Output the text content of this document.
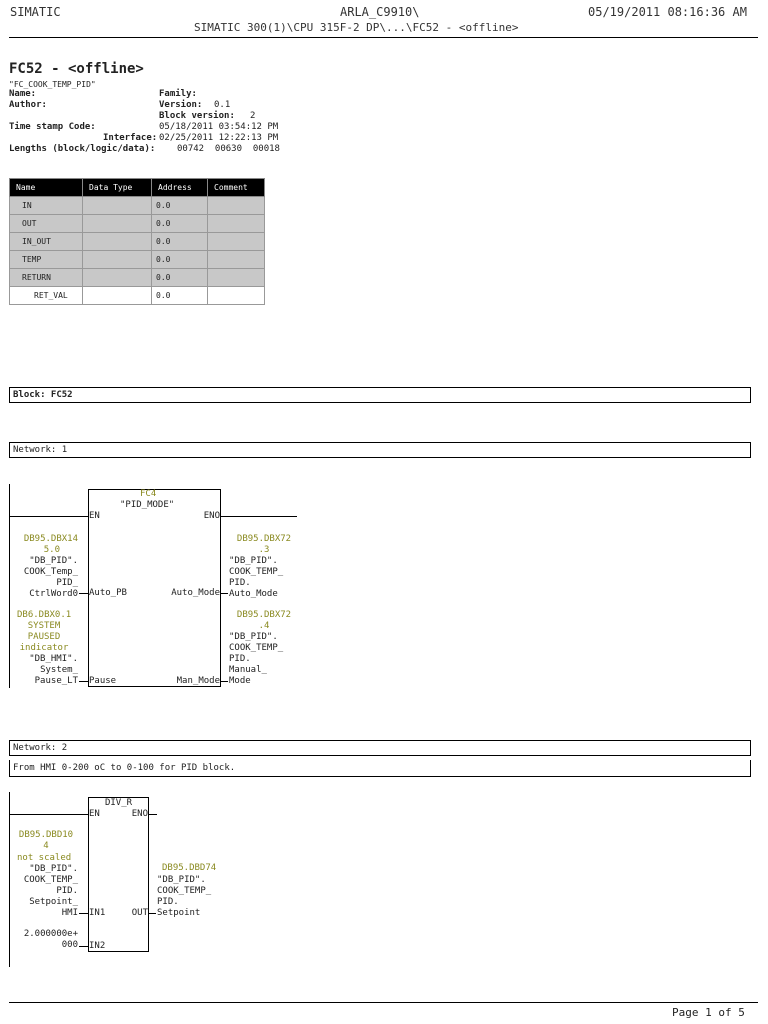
SIMATIC	ARLA_C9910\	05/19/2011 08:16:36 AM
SIMATIC 300(1)\CPU 315F-2 DP\...\FC52 - <offline>
FC52 - <offline>
"FC_COOK_TEMP_PID"
Name:	Family:
Author:	Version: 0.1
Block version: 2
Time stamp Code:	05/18/2011 03:54:12 PM
Interface: 02/25/2011 12:22:13 PM
Lengths (block/logic/data): 00742  00630  00018
Name	Data Type	Address	Comment
IN		0.0	
OUT		0.0	
IN_OUT		0.0	
TEMP		0.0	
RETURN		0.0	
RET_VAL		0.0	
Block: FC52
Network: 1
FC4
"PID_MODE"
EN	ENO
DB95.DBX14
5.0
"DB_PID".
COOK_Temp_
PID_
CtrlWord0 Auto_PB
DB6.DBX0.1
SYSTEM
PAUSED
indicator
"DB_HMI".
System_
Pause_LT Pause
Auto_Mode
DB95.DBX72
.3
"DB_PID".
COOK_TEMP_
PID.
Auto_Mode
Man_Mode
DB95.DBX72
.4
"DB_PID".
COOK_TEMP_
PID.
Manual_
Mode
Network: 2
From HMI 0-200 oC to 0-100 for PID block.
DIV_R
EN	ENO
DB95.DBD10
4
not scaled
"DB_PID".
COOK_TEMP_
PID.
Setpoint_
HMI IN1
2.000000e+
000 IN2
OUT
DB95.DBD74
"DB_PID".
COOK_TEMP_
PID.
Setpoint
Page 1 of 5
